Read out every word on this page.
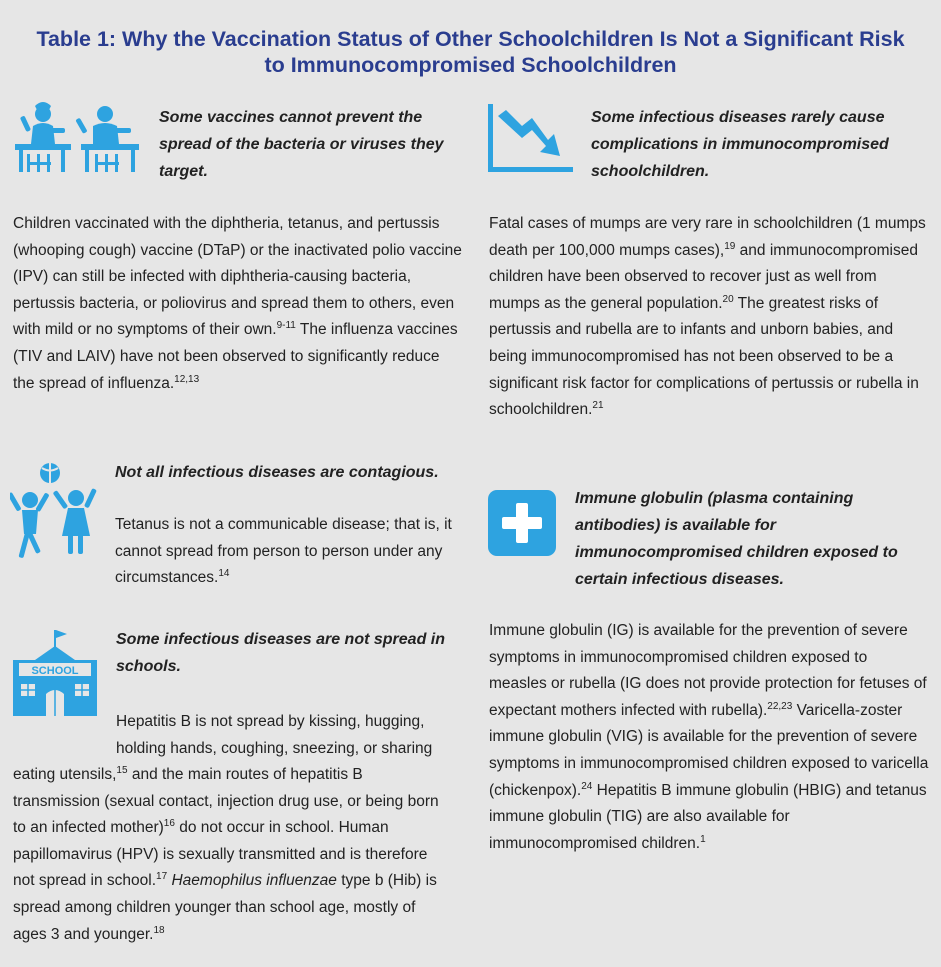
Table 1: Why the Vaccination Status of Other Schoolchildren Is Not a Significant Risk
to Immunocompromised Schoolchildren

Some vaccines cannot prevent the spread of the bacteria or viruses they target.

Children vaccinated with the diphtheria, tetanus, and pertussis (whooping cough) vaccine (DTaP) or the inactivated polio vaccine (IPV) can still be infected with diphtheria-causing bacteria, pertussis bacteria, or poliovirus and spread them to others, even with mild or no symptoms of their own.$^{9-11}$ The influenza vaccines (TIV and LAIV) have not been observed to significantly reduce the spread of influenza.$^{12,13}$

Not all infectious diseases are contagious.

Tetanus is not a communicable disease; that is, it cannot spread from person to person under any circumstances.$^{14}$

SCHOOL

Some infectious diseases are not spread in schools.

Hepatitis B is not spread by kissing, hugging, holding hands, coughing, sneezing, or sharing

eating utensils,$^{15}$ and the main routes of hepatitis B transmission (sexual contact, injection drug use, or being born to an infected mother)$^{16}$ do not occur in school. Human papillomavirus (HPV) is sexually transmitted and is therefore not spread in school.$^{17}$ Haemophilus influenzae type b (Hib) is spread among children younger than school age, mostly of ages 3 and younger.$^{18}$

Some infectious diseases rarely cause complications in immunocompromised schoolchildren.

Fatal cases of mumps are very rare in schoolchildren (1 mumps death per 100,000 mumps cases),$^{19}$ and immunocompromised children have been observed to recover just as well from mumps as the general population.$^{20}$ The greatest risks of pertussis and rubella are to infants and unborn babies, and being immunocompromised has not been observed to be a significant risk factor for complications of pertussis or rubella in schoolchildren.$^{21}$

Immune globulin (plasma containing antibodies) is available for immunocompromised children exposed to certain infectious diseases.

Immune globulin (IG) is available for the prevention of severe symptoms in immunocompromised children exposed to measles or rubella (IG does not provide protection for fetuses of expectant mothers infected with rubella).$^{22,23}$ Varicella-zoster immune globulin (VIG) is available for the prevention of severe symptoms in immunocompromised children exposed to varicella (chickenpox).$^{24}$ Hepatitis B immune globulin (HBIG) and tetanus immune globulin (TIG) are also available for immunocompromised children.$^1$
